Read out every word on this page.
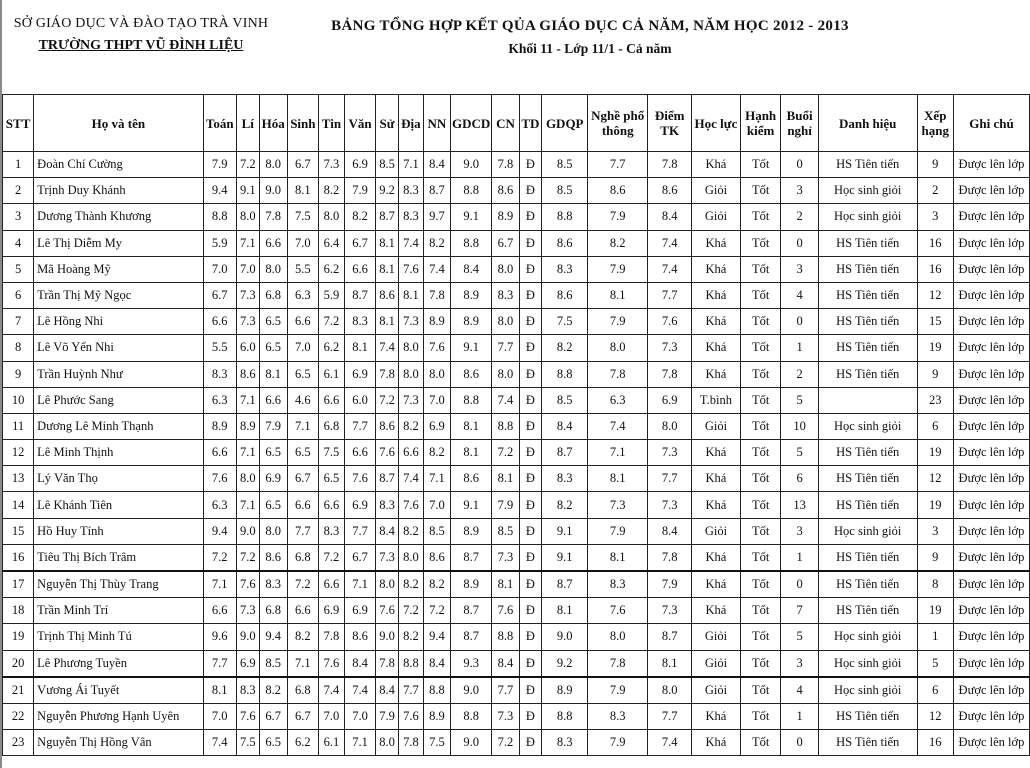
SỞ GIÁO DỤC VÀ ĐÀO TẠO TRÀ VINH
TRƯỜNG THPT VŨ ĐÌNH LIỆU
BẢNG TỔNG HỢP KẾT QỦA GIÁO DỤC CẢ NĂM, NĂM HỌC 2012 - 2013
Khối 11 - Lớp 11/1 - Cả năm
STT	Họ và tên	Toán	Lí	Hóa	Sinh	Tin	Văn	Sử	Địa	NN	GDCD	CN	TD	GDQP	Nghề phổ thông	Điểm TK	Học lực	Hạnh kiểm	Buổi nghỉ	Danh hiệu	Xếp hạng	Ghi chú
1	Đoàn Chí Cường	7.9	7.2	8.0	6.7	7.3	6.9	8.5	7.1	8.4	9.0	7.8	Đ	8.5	7.7	7.8	Khá	Tốt	0	HS Tiên tiến	9	Được lên lớp
2	Trịnh Duy Khánh	9.4	9.1	9.0	8.1	8.2	7.9	9.2	8.3	8.7	8.8	8.6	Đ	8.5	8.6	8.6	Giỏi	Tốt	3	Học sinh giỏi	2	Được lên lớp
3	Dương Thành Khương	8.8	8.0	7.8	7.5	8.0	8.2	8.7	8.3	9.7	9.1	8.9	Đ	8.8	7.9	8.4	Giỏi	Tốt	2	Học sinh giỏi	3	Được lên lớp
4	Lê Thị Diễm My	5.9	7.1	6.6	7.0	6.4	6.7	8.1	7.4	8.2	8.8	6.7	Đ	8.6	8.2	7.4	Khá	Tốt	0	HS Tiên tiến	16	Được lên lớp
5	Mã Hoàng Mỹ	7.0	7.0	8.0	5.5	6.2	6.6	8.1	7.6	7.4	8.4	8.0	Đ	8.3	7.9	7.4	Khá	Tốt	3	HS Tiên tiến	16	Được lên lớp
6	Trần Thị Mỹ Ngọc	6.7	7.3	6.8	6.3	5.9	8.7	8.6	8.1	7.8	8.9	8.3	Đ	8.6	8.1	7.7	Khá	Tốt	4	HS Tiên tiến	12	Được lên lớp
7	Lê Hồng Nhi	6.6	7.3	6.5	6.6	7.2	8.3	8.1	7.3	8.9	8.9	8.0	Đ	7.5	7.9	7.6	Khá	Tốt	0	HS Tiên tiến	15	Được lên lớp
8	Lê Võ Yến Nhi	5.5	6.0	6.5	7.0	6.2	8.1	7.4	8.0	7.6	9.1	7.7	Đ	8.2	8.0	7.3	Khá	Tốt	1	HS Tiên tiến	19	Được lên lớp
9	Trần Huỳnh Như	8.3	8.6	8.1	6.5	6.1	6.9	7.8	8.0	8.0	8.6	8.0	Đ	8.8	7.8	7.8	Khá	Tốt	2	HS Tiên tiến	9	Được lên lớp
10	Lê Phước Sang	6.3	7.1	6.6	4.6	6.6	6.0	7.2	7.3	7.0	8.8	7.4	Đ	8.5	6.3	6.9	T.bình	Tốt	5		23	Được lên lớp
11	Dương Lê Minh Thạnh	8.9	8.9	7.9	7.1	6.8	7.7	8.6	8.2	6.9	8.1	8.8	Đ	8.4	7.4	8.0	Giỏi	Tốt	10	Học sinh giỏi	6	Được lên lớp
12	Lê Minh Thịnh	6.6	7.1	6.5	6.5	7.5	6.6	7.6	6.6	8.2	8.1	7.2	Đ	8.7	7.1	7.3	Khá	Tốt	5	HS Tiên tiến	19	Được lên lớp
13	Lý Văn Thọ	7.6	8.0	6.9	6.7	6.5	7.6	8.7	7.4	7.1	8.6	8.1	Đ	8.3	8.1	7.7	Khá	Tốt	6	HS Tiên tiến	12	Được lên lớp
14	Lê Khánh Tiên	6.3	7.1	6.5	6.6	6.6	6.9	8.3	7.6	7.0	9.1	7.9	Đ	8.2	7.3	7.3	Khá	Tốt	13	HS Tiên tiến	19	Được lên lớp
15	Hồ Huy Tính	9.4	9.0	8.0	7.7	8.3	7.7	8.4	8.2	8.5	8.9	8.5	Đ	9.1	7.9	8.4	Giỏi	Tốt	3	Học sinh giỏi	3	Được lên lớp
16	Tiêu Thị Bích Trâm	7.2	7.2	8.6	6.8	7.2	6.7	7.3	8.0	8.6	8.7	7.3	Đ	9.1	8.1	7.8	Khá	Tốt	1	HS Tiên tiến	9	Được lên lớp
17	Nguyễn Thị Thùy Trang	7.1	7.6	8.3	7.2	6.6	7.1	8.0	8.2	8.2	8.9	8.1	Đ	8.7	8.3	7.9	Khá	Tốt	0	HS Tiên tiến	8	Được lên lớp
18	Trần Minh Trí	6.6	7.3	6.8	6.6	6.9	6.9	7.6	7.2	7.2	8.7	7.6	Đ	8.1	7.6	7.3	Khá	Tốt	7	HS Tiên tiến	19	Được lên lớp
19	Trịnh Thị Minh Tú	9.6	9.0	9.4	8.2	7.8	8.6	9.0	8.2	9.4	8.7	8.8	Đ	9.0	8.0	8.7	Giỏi	Tốt	5	Học sinh giỏi	1	Được lên lớp
20	Lê Phương Tuyền	7.7	6.9	8.5	7.1	7.6	8.4	7.8	8.8	8.4	9.3	8.4	Đ	9.2	7.8	8.1	Giỏi	Tốt	3	Học sinh giỏi	5	Được lên lớp
21	Vương Ái Tuyết	8.1	8.3	8.2	6.8	7.4	7.4	8.4	7.7	8.8	9.0	7.7	Đ	8.9	7.9	8.0	Giỏi	Tốt	4	Học sinh giỏi	6	Được lên lớp
22	Nguyễn Phương Hạnh Uyên	7.0	7.6	6.7	6.7	7.0	7.0	7.9	7.6	8.9	8.8	7.3	Đ	8.8	8.3	7.7	Khá	Tốt	1	HS Tiên tiến	12	Được lên lớp
23	Nguyễn Thị Hồng Vân	7.4	7.5	6.5	6.2	6.1	7.1	8.0	7.8	7.5	9.0	7.2	Đ	8.3	7.9	7.4	Khá	Tốt	0	HS Tiên tiến	16	Được lên lớp
